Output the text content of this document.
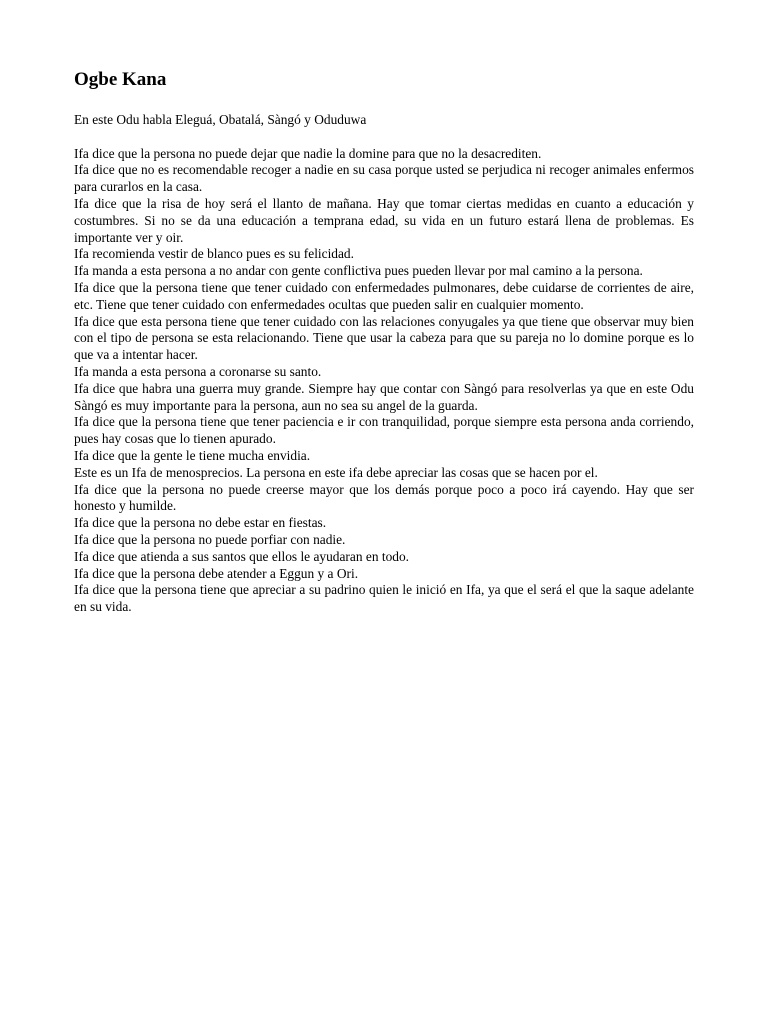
Ogbe Kana

En este Odu habla Eleguá, Obatalá, Sàngó y Oduduwa

Ifa dice que la persona no puede dejar que nadie la domine para que no la desacrediten.

Ifa dice que no es recomendable recoger a nadie en su casa porque usted se perjudica ni recoger animales enfermos para curarlos en la casa.

Ifa dice que la risa de hoy será el llanto de mañana. Hay que tomar ciertas medidas en cuanto a educación y costumbres. Si no se da una educación a temprana edad, su vida en un futuro estará llena de problemas. Es importante ver y oir.

Ifa recomienda vestir de blanco pues es su felicidad.

Ifa manda a esta persona a no andar con gente conflictiva pues pueden llevar por mal camino a la persona.

Ifa dice que la persona tiene que tener cuidado con enfermedades pulmonares, debe cuidarse de corrientes de aire, etc. Tiene que tener cuidado con enfermedades ocultas que pueden salir en cualquier momento.

Ifa dice que esta persona tiene que tener cuidado con las relaciones conyugales ya que tiene que observar muy bien con el tipo de persona se esta relacionando. Tiene que usar la cabeza para que su pareja no lo domine porque es lo que va a intentar hacer.

Ifa manda a esta persona a coronarse su santo.

Ifa dice que habra una guerra muy grande. Siempre hay que contar con Sàngó para resolverlas ya que en este Odu Sàngó es muy importante para la persona, aun no sea su angel de la guarda.

Ifa dice que la persona tiene que tener paciencia e ir con tranquilidad, porque siempre esta persona anda corriendo, pues hay cosas que lo tienen apurado.

Ifa dice que la gente le tiene mucha envidia.

Este es un Ifa de menosprecios. La persona en este ifa debe apreciar las cosas que se hacen por el.

Ifa dice que la persona no puede creerse mayor que los demás porque poco a poco irá cayendo. Hay que ser honesto y humilde.

Ifa dice que la persona no debe estar en fiestas.

Ifa dice que la persona no puede porfiar con nadie.

Ifa dice que atienda a sus santos que ellos le ayudaran en todo.

Ifa dice que la persona debe atender a Eggun y a Ori.

Ifa dice que la persona tiene que apreciar a su padrino quien le inició en Ifa, ya que el será el que la saque adelante en su vida.
